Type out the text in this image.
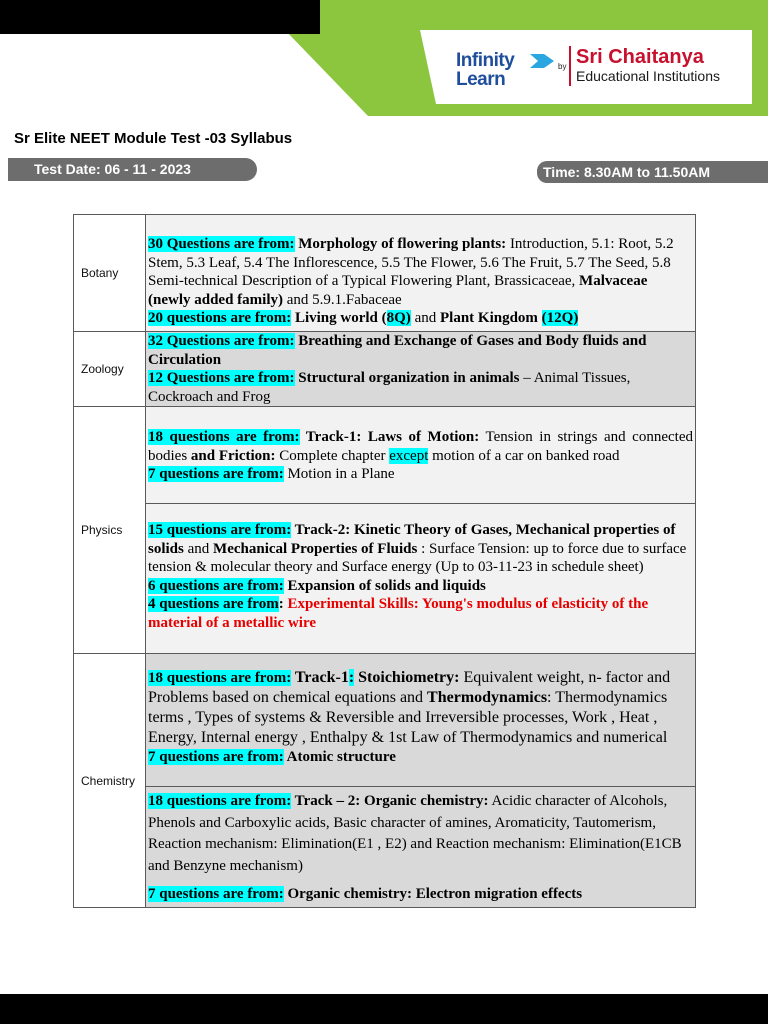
Infinity
Learn
by Sri Chaitanya
Educational Institutions
Sr Elite NEET Module Test -03 Syllabus
Test Date: 06 - 11 - 2023	Time: 8.30AM to 11.50AM
Botany
Zoology
Physics
Chemistry

30 Questions are from: Morphology of flowering plants: Introduction, 5.1: Root, 5.2 Stem, 5.3 Leaf, 5.4 The Inflorescence, 5.5 The Flower, 5.6 The Fruit, 5.7 The Seed, 5.8 Semi-technical Description of a Typical Flowering Plant, Brassicaceae, Malvaceae (newly added family) and 5.9.1.Fabaceae

20 questions are from: Living world (8Q) and Plant Kingdom (12Q)

32 Questions are from: Breathing and Exchange of Gases and Body fluids and Circulation

12 Questions are from: Structural organization in animals – Animal Tissues, Cockroach and Frog

18 questions are from: Track-1: Laws of Motion: Tension in strings and connected bodies and Friction: Complete chapter except motion of a car on banked road

7 questions are from: Motion in a Plane

15 questions are from: Track-2: Kinetic Theory of Gases, Mechanical properties of solids and Mechanical Properties of Fluids : Surface Tension: up to force due to surface tension & molecular theory and Surface energy (Up to 03-11-23 in schedule sheet)

6 questions are from: Expansion of solids and liquids

4 questions are from: Experimental Skills: Young's modulus of elasticity of the material of a metallic wire

18 questions are from: Track-1: Stoichiometry: Equivalent weight, n- factor and Problems based on chemical equations and Thermodynamics: Thermodynamics terms , Types of systems & Reversible and Irreversible processes, Work , Heat , Energy, Internal energy , Enthalpy & 1st Law of Thermodynamics and numerical

7 questions are from: Atomic structure

18 questions are from: Track – 2: Organic chemistry: Acidic character of Alcohols, Phenols and Carboxylic acids, Basic character of amines, Aromaticity, Tautomerism, Reaction mechanism: Elimination(E1 , E2) and Reaction mechanism: Elimination(E1CB and Benzyne mechanism)

7 questions are from: Organic chemistry: Electron migration effects
